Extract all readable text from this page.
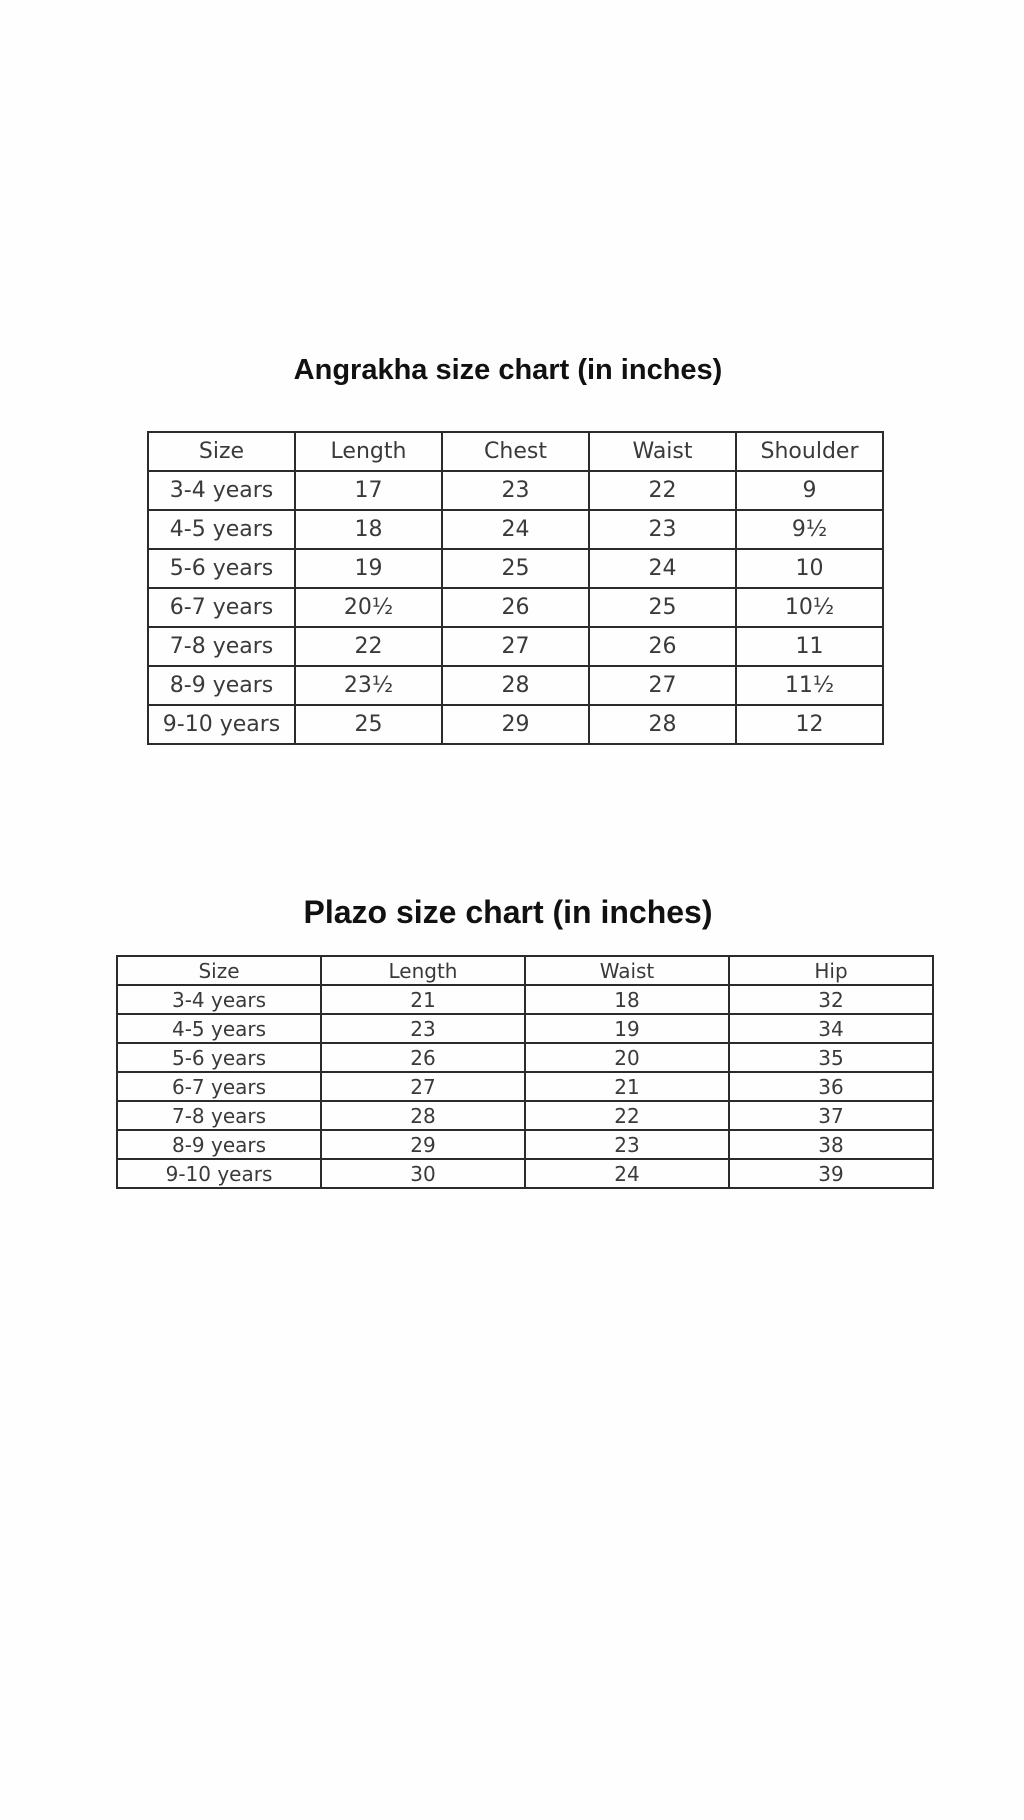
Angrakha size chart (in inches)
Size	Length	Chest	Waist	Shoulder
3-4 years	17	23	22	9
4-5 years	18	24	23	9½
5-6 years	19	25	24	10
6-7 years	20½	26	25	10½
7-8 years	22	27	26	11
8-9 years	23½	28	27	11½
9-10 years	25	29	28	12
Plazo size chart (in inches)
Size	Length	Waist	Hip
3-4 years	21	18	32
4-5 years	23	19	34
5-6 years	26	20	35
6-7 years	27	21	36
7-8 years	28	22	37
8-9 years	29	23	38
9-10 years	30	24	39
